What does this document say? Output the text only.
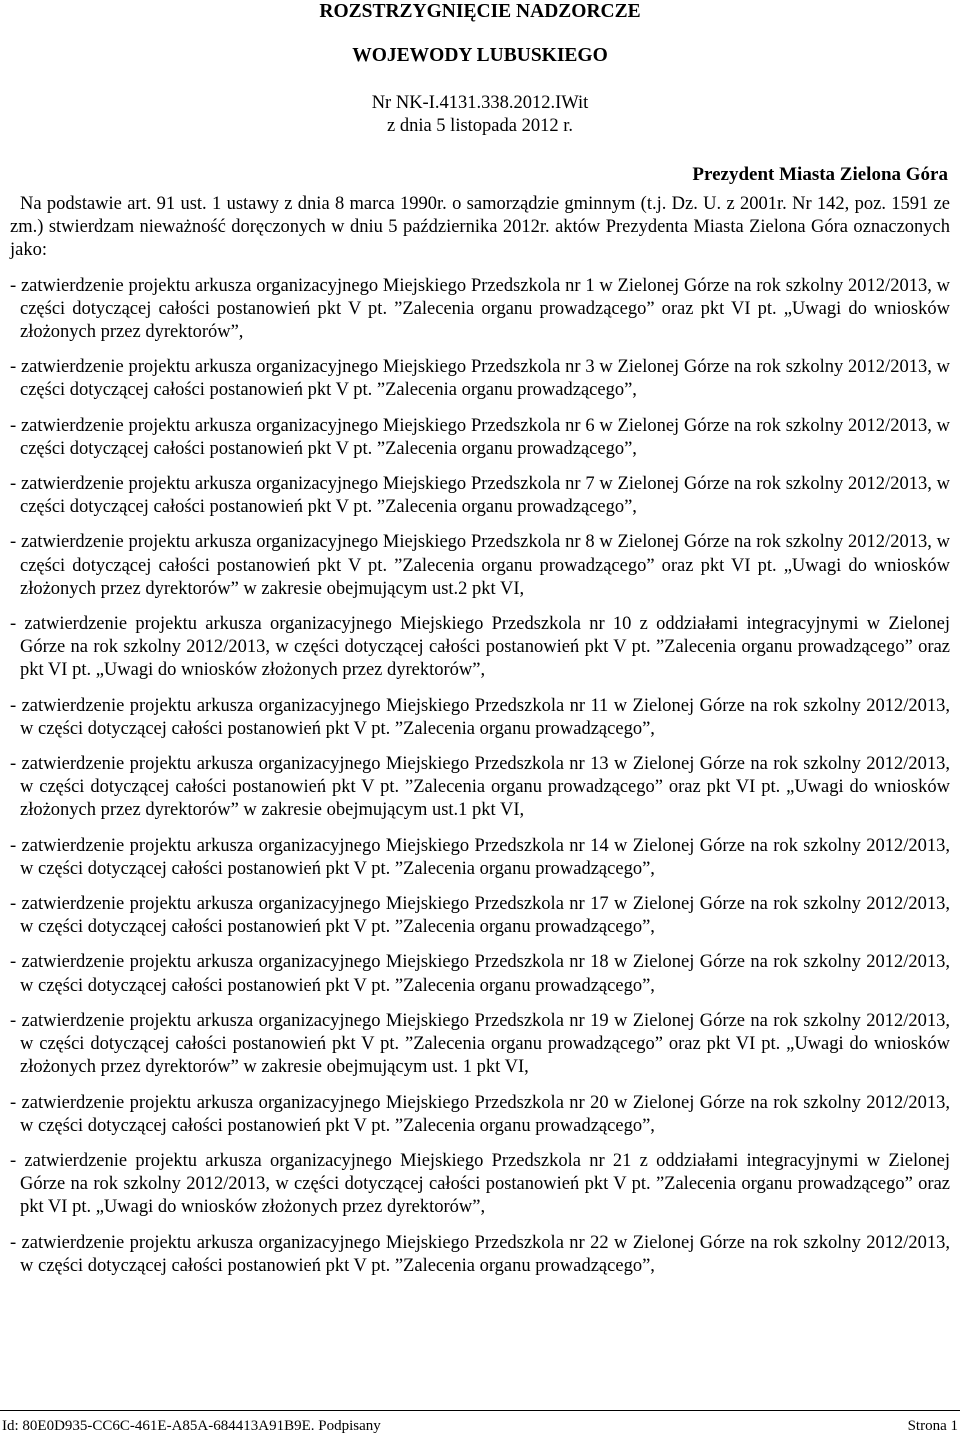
ROZSTRZYGNIĘCIE NADZORCZE
WOJEWODY LUBUSKIEGO
Nr NK-I.4131.338.2012.IWit
z dnia 5 listopada 2012 r.
Prezydent Miasta Zielona Góra

Na podstawie art. 91 ust. 1 ustawy z dnia 8 marca 1990r. o samorządzie gminnym (t.j. Dz. U. z 2001r. Nr 142, poz. 1591 ze zm.) stwierdzam nieważność doręczonych w dniu 5 października 2012r. aktów Prezydenta Miasta Zielona Góra oznaczonych jako:

- zatwierdzenie projektu arkusza organizacyjnego Miejskiego Przedszkola nr 1 w Zielonej Górze na rok szkolny 2012/2013, w części dotyczącej całości postanowień pkt V pt. ˮZalecenia organu prowadzącegoˮ oraz pkt VI pt. „Uwagi do wniosków złożonych przez dyrektorów”,

- zatwierdzenie projektu arkusza organizacyjnego Miejskiego Przedszkola nr 3 w Zielonej Górze na rok szkolny 2012/2013, w części dotyczącej całości postanowień pkt V pt. ˮZalecenia organu prowadzącego”,

- zatwierdzenie projektu arkusza organizacyjnego Miejskiego Przedszkola nr 6 w Zielonej Górze na rok szkolny 2012/2013, w części dotyczącej całości postanowień pkt V pt. ˮZalecenia organu prowadzącego”,

- zatwierdzenie projektu arkusza organizacyjnego Miejskiego Przedszkola nr 7 w Zielonej Górze na rok szkolny 2012/2013, w części dotyczącej całości postanowień pkt V pt. ˮZalecenia organu prowadzącego”,

- zatwierdzenie projektu arkusza organizacyjnego Miejskiego Przedszkola nr 8 w Zielonej Górze na rok szkolny 2012/2013, w części dotyczącej całości postanowień pkt V pt. ˮZalecenia organu prowadzącegoˮ oraz pkt VI pt. „Uwagi do wniosków złożonych przez dyrektorówˮ w zakresie obejmującym ust.2 pkt VI,

- zatwierdzenie projektu arkusza organizacyjnego Miejskiego Przedszkola nr 10 z oddziałami integracyjnymi w Zielonej Górze na rok szkolny 2012/2013, w części dotyczącej całości postanowień pkt V pt. ˮZalecenia organu prowadzącegoˮ oraz pkt VI pt. „Uwagi do wniosków złożonych przez dyrektorów”,

- zatwierdzenie projektu arkusza organizacyjnego Miejskiego Przedszkola nr 11 w Zielonej Górze na rok szkolny 2012/2013, w części dotyczącej całości postanowień pkt V pt. ˮZalecenia organu prowadzącego”,

- zatwierdzenie projektu arkusza organizacyjnego Miejskiego Przedszkola nr 13 w Zielonej Górze na rok szkolny 2012/2013, w części dotyczącej całości postanowień pkt V pt. ˮZalecenia organu prowadzącegoˮ oraz pkt VI pt. „Uwagi do wniosków złożonych przez dyrektorówˮ w zakresie obejmującym ust.1 pkt VI,

- zatwierdzenie projektu arkusza organizacyjnego Miejskiego Przedszkola nr 14 w Zielonej Górze na rok szkolny 2012/2013, w części dotyczącej całości postanowień pkt V pt. ˮZalecenia organu prowadzącego”,

- zatwierdzenie projektu arkusza organizacyjnego Miejskiego Przedszkola nr 17 w Zielonej Górze na rok szkolny 2012/2013, w części dotyczącej całości postanowień pkt V pt. ˮZalecenia organu prowadzącego”,

- zatwierdzenie projektu arkusza organizacyjnego Miejskiego Przedszkola nr 18 w Zielonej Górze na rok szkolny 2012/2013, w części dotyczącej całości postanowień pkt V pt. ˮZalecenia organu prowadzącego”,

- zatwierdzenie projektu arkusza organizacyjnego Miejskiego Przedszkola nr 19 w Zielonej Górze na rok szkolny 2012/2013, w części dotyczącej całości postanowień pkt V pt. ˮZalecenia organu prowadzącegoˮ oraz pkt VI pt. „Uwagi do wniosków złożonych przez dyrektorówˮ w zakresie obejmującym ust. 1 pkt VI,

- zatwierdzenie projektu arkusza organizacyjnego Miejskiego Przedszkola nr 20 w Zielonej Górze na rok szkolny 2012/2013, w części dotyczącej całości postanowień pkt V pt. ˮZalecenia organu prowadzącego”,

- zatwierdzenie projektu arkusza organizacyjnego Miejskiego Przedszkola nr 21 z oddziałami integracyjnymi w Zielonej Górze na rok szkolny 2012/2013, w części dotyczącej całości postanowień pkt V pt. ˮZalecenia organu prowadzącegoˮ oraz pkt VI pt. „Uwagi do wniosków złożonych przez dyrektorów”,

- zatwierdzenie projektu arkusza organizacyjnego Miejskiego Przedszkola nr 22 w Zielonej Górze na rok szkolny 2012/2013, w części dotyczącej całości postanowień pkt V pt. ˮZalecenia organu prowadzącego”,

Id: 80E0D935-CC6C-461E-A85A-684413A91B9E. Podpisany	Strona 1
